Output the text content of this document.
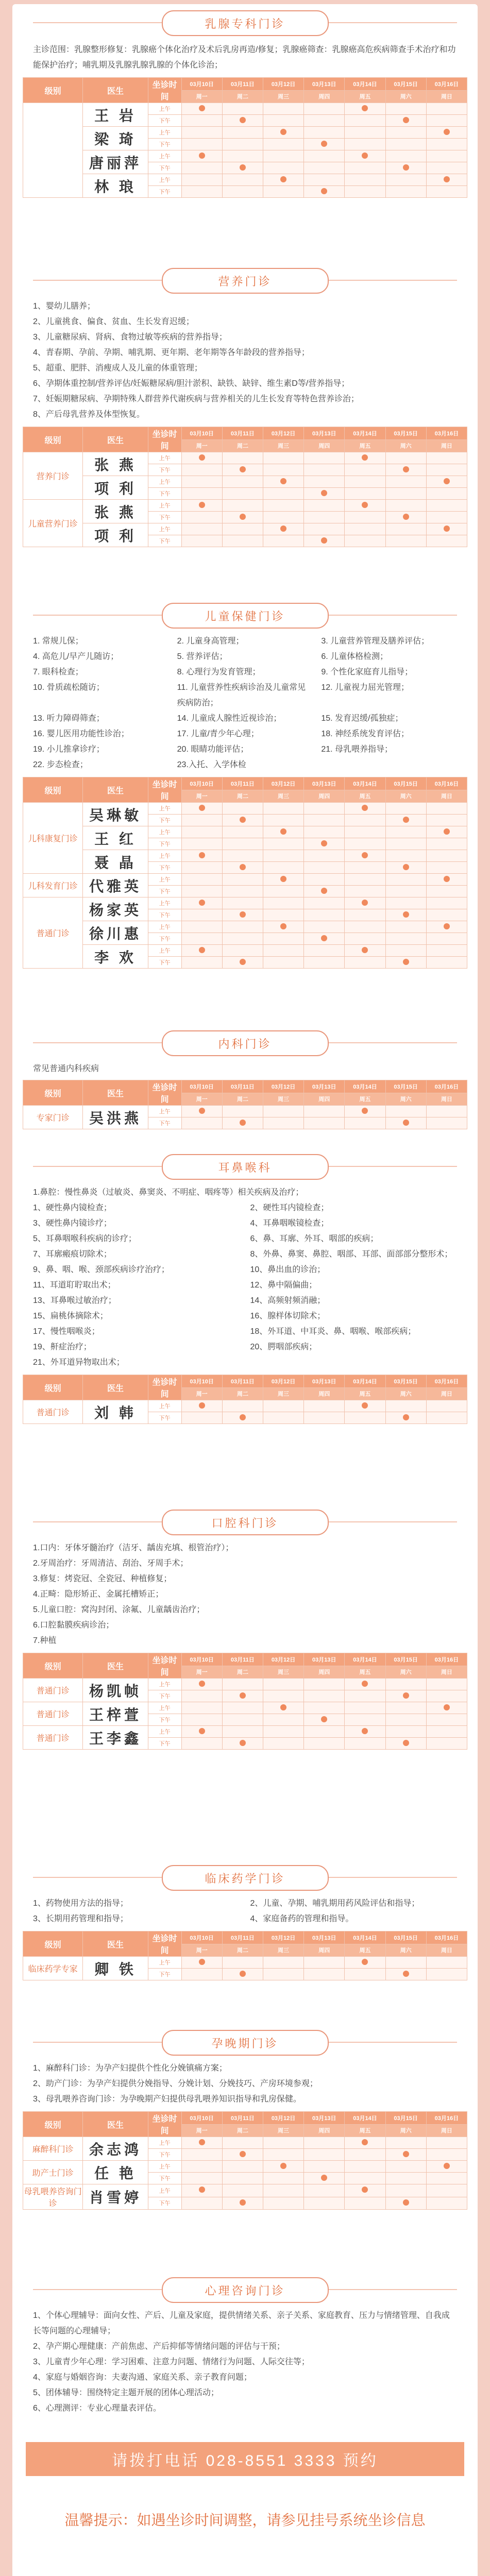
乳腺专科门诊
主诊范围：乳腺整形修复：乳腺癌个体化治疗及术后乳房再造/修复；乳腺癌筛查：乳腺癌高危疾病筛查手术治疗和功能保护治疗；哺乳期及乳腺乳腺乳腺的个体化诊治；
级别	医生	坐诊时间							
			03月10日	03月11日	03月12日	03月13日	03月14日	03月15日	03月16日
			周一	周二	周三	周四	周五	周六	周日
	王 岩	上午							
		下午							
	梁 琦	上午							
		下午							
	唐丽萍	上午							
		下午							
	林 琅	上午							
		下午							
营养门诊
1、婴幼儿膳养；
2、儿童挑食、偏食、贫血、生长发育迟缓；
3、儿童糖尿病、肾病、食物过敏等疾病的营养指导；
4、青春期、孕前、孕期、哺乳期、更年期、老年期等各年龄段的营养指导；
5、超重、肥胖、消瘦成人及儿童的体重管理；
6、孕期体重控制/营养评估/妊娠糖尿病/胆汁淤积、缺铁、缺锌、维生素D等/营养指导；
7、妊娠期糖尿病、孕期特殊人群营养代谢疾病与营养相关的儿生长发育等特色营养诊治；
8、产后母乳营养及体型恢复。
级别	医生	坐诊时间							
			03月10日	03月11日	03月12日	03月13日	03月14日	03月15日	03月16日
			周一	周二	周三	周四	周五	周六	周日
营养门诊	张 燕	上午							
		下午							
	项 利	上午							
		下午							
儿童营养门诊	张 燕	上午							
		下午							
	项 利	上午							
		下午							
儿童保健门诊
1. 常规儿保；	2. 儿童身高管理；	3. 儿童营养管理及膳养评估；
4. 高危儿/早产儿随访；	5. 营养评估；	6. 儿童体格检测；
7. 眼科检查；	8. 心理行为发育管理；	9. 个性化家庭育儿指导；
10. 骨质疏松随访；	11. 儿童营养性疾病诊治及儿童常见疾病防治；
12. 儿童视力屈光管理；
13. 听力障碍筛查；	14. 儿童成人腺性近视诊治；	15. 发育迟缓/孤独症；
16. 婴儿医用功能性诊治；	17. 儿童/青少年心理；	18. 神经系统发育评估；
19. 小儿推拿诊疗；	20. 眼睛功能评估；	21. 母乳喂养指导；
22. 步态检查；	23.入托、入学体检
级别	医生	坐诊时间							
			03月10日	03月11日	03月12日	03月13日	03月14日	03月15日	03月16日
			周一	周二	周三	周四	周五	周六	周日
儿科康复门诊	吴琳敏	上午							
		下午							
	王 红	上午							
		下午							
	聂 晶	上午							
		下午							
儿科发育门诊	代雅英	上午							
		下午							
普通门诊	杨家英	上午							
		下午							
	徐川惠	上午							
		下午							
	李 欢	上午							
		下午							
内科门诊
常见普通内科疾病
级别	医生	坐诊时间							
			03月10日	03月11日	03月12日	03月13日	03月14日	03月15日	03月16日
			周一	周二	周三	周四	周五	周六	周日
专家门诊	吴洪燕	上午							
		下午							
耳鼻喉科
1.鼻腔：慢性鼻炎（过敏炎、鼻窦炎、不明症、咽疼等）相关疾病及治疗；
1、硬性鼻内镜检查；	2、硬性耳内镜检查；
3、硬性鼻内镜诊疗；	4、耳鼻咽喉镜检查；
5、耳鼻咽喉科疾病的诊疗；	6、鼻、耳廓、外耳、咽部的疾病；
7、耳廓瘢痕切除术；	8、外鼻、鼻窦、鼻腔、咽部、耳部、面部部分整形术；
9、鼻、咽、喉、颈部疾病诊疗治疗；	10、鼻出血的诊治；
11、耳道耵聍取出术；	12、鼻中隔偏曲；
13、耳鼻喉过敏治疗；	14、高频射频消融；
15、扁桃体摘除术；	16、腺样体切除术；
17、慢性咽喉炎；	18、外耳道、中耳炎、鼻、咽喉、喉部疾病；
19、鼾症治疗；	20、腭咽部疾病；
21、外耳道异物取出术；
级别	医生	坐诊时间							
			03月10日	03月11日	03月12日	03月13日	03月14日	03月15日	03月16日
			周一	周二	周三	周四	周五	周六	周日
普通门诊	刘 韩	上午							
		下午							
口腔科门诊
1.口内：牙体牙髓治疗（洁牙、龋齿充填、根管治疗）；
2.牙周治疗：牙周清洁、刮治、牙周手术；
3.修复：烤瓷冠、全瓷冠、种植修复；
4.正畸：隐形矫正、金属托槽矫正；
5.儿童口腔：窝沟封闭、涂氟、儿童龋齿治疗；
6.口腔黏膜疾病诊治；
7.种植
级别	医生	坐诊时间							
			03月10日	03月11日	03月12日	03月13日	03月14日	03月15日	03月16日
			周一	周二	周三	周四	周五	周六	周日
普通门诊	杨凯帧	上午							
		下午							
普通门诊	王梓萱	上午							
		下午							
普通门诊	王李鑫	上午							
		下午							
临床药学门诊
1、药物使用方法的指导；	2、儿童、孕期、哺乳期用药风险评估和指导；
3、长期用药管理和指导；	4、家庭备药的管理和指导。
级别	医生	坐诊时间							
			03月10日	03月11日	03月12日	03月13日	03月14日	03月15日	03月16日
			周一	周二	周三	周四	周五	周六	周日
临床药学专家	卿 铁	上午							
		下午							
孕晚期门诊
1、麻醉科门诊：为孕产妇提供个性化分娩镇痛方案；
2、助产门诊：为孕产妇提供分娩指导、分娩计划、分娩技巧、产房环境参观；
3、母乳喂养咨询门诊：为孕晚期产妇提供母乳喂养知识指导和乳房保健。
级别	医生	坐诊时间							
			03月10日	03月11日	03月12日	03月13日	03月14日	03月15日	03月16日
			周一	周二	周三	周四	周五	周六	周日
麻醉科门诊	余志鸿	上午							
		下午							
助产士门诊	任 艳	上午							
		下午							
母乳喂养咨询门诊	肖雪婷	上午							
		下午							
心理咨询门诊
1、个体心理辅导：面向女性、产后、儿童及家庭，提供情绪关系、亲子关系、家庭教育、压力与情绪管理、自我成长等问题的心理辅导；
2、孕产期心理健康：产前焦虑、产后抑郁等情绪问题的评估与干预；
3、儿童青少年心理：学习困难、注意力问题、情绪行为问题、人际交往等；
4、家庭与婚姻咨询：夫妻沟通、家庭关系、亲子教育问题；
5、团体辅导：围绕特定主题开展的团体心理活动；
6、心理测评：专业心理量表评估。
请拨打电话 028-8551 3333 预约
温馨提示：如遇坐诊时间调整，请参见挂号系统坐诊信息
